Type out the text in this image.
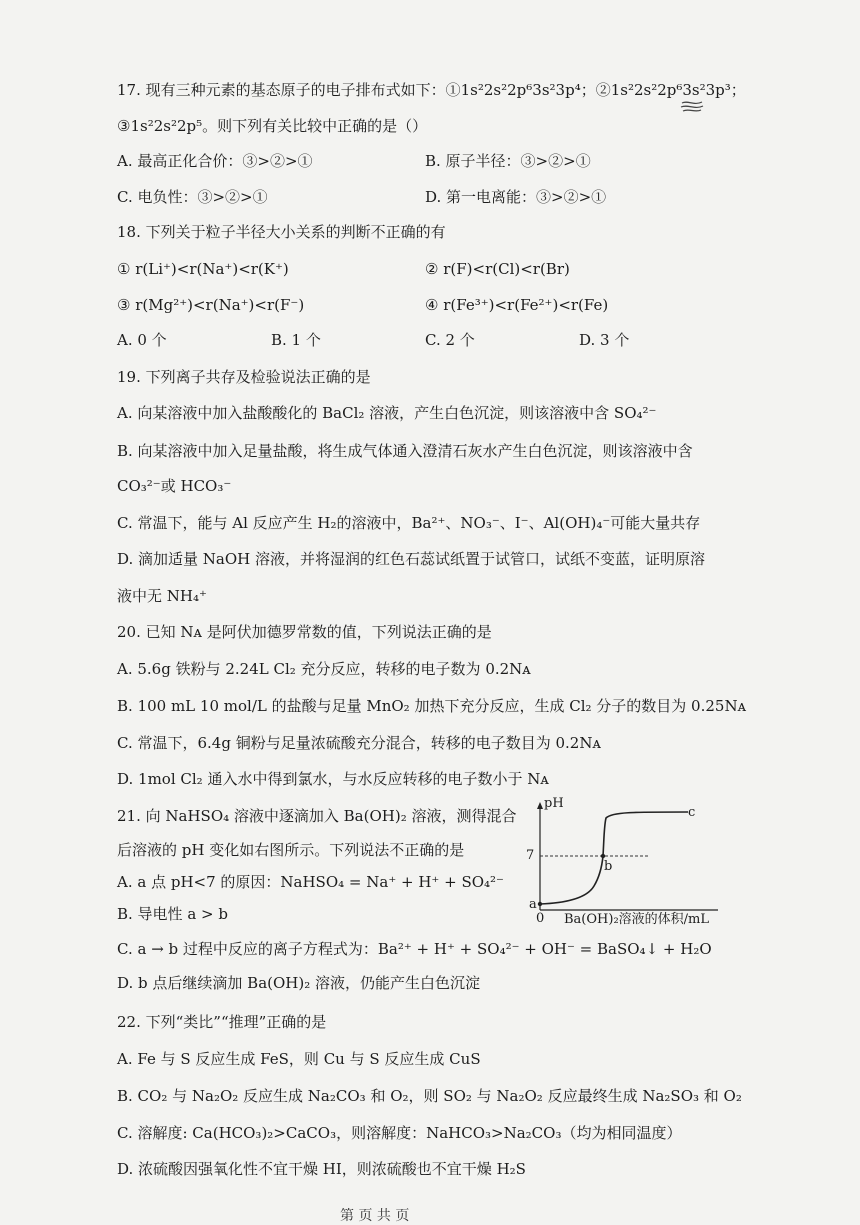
17. 现有三种元素的基态原子的电子排布式如下：①1s²2s²2p⁶3s²3p⁴；②1s²2s²2p⁶3s²3p³；
③1s²2s²2p⁵。则下列有关比较中正确的是（）
A. 最高正化合价：③>②>①	B. 原子半径：③>②>①
C. 电负性：③>②>①	D. 第一电离能：③>②>①
18. 下列关于粒子半径大小关系的判断不正确的有
① r(Li⁺)<r(Na⁺)<r(K⁺)	② r(F)<r(Cl)<r(Br)
③ r(Mg²⁺)<r(Na⁺)<r(F⁻)	④ r(Fe³⁺)<r(Fe²⁺)<r(Fe)
A. 0 个	B. 1 个	C. 2 个	D. 3 个
19. 下列离子共存及检验说法正确的是
A. 向某溶液中加入盐酸酸化的 BaCl₂ 溶液，产生白色沉淀，则该溶液中含 SO₄²⁻
B. 向某溶液中加入足量盐酸，将生成气体通入澄清石灰水产生白色沉淀，则该溶液中含
CO₃²⁻或 HCO₃⁻
C. 常温下，能与 Al 反应产生 H₂的溶液中，Ba²⁺、NO₃⁻、I⁻、Al(OH)₄⁻可能大量共存
D. 滴加适量 NaOH 溶液，并将湿润的红色石蕊试纸置于试管口，试纸不变蓝，证明原溶
液中无 NH₄⁺
20. 已知 Nᴀ 是阿伏加德罗常数的值，下列说法正确的是
A. 5.6g 铁粉与 2.24L Cl₂ 充分反应，转移的电子数为 0.2Nᴀ
B. 100 mL 10 mol/L 的盐酸与足量 MnO₂ 加热下充分反应，生成 Cl₂ 分子的数目为 0.25Nᴀ
C. 常温下，6.4g 铜粉与足量浓硫酸充分混合，转移的电子数目为 0.2Nᴀ
D. 1mol Cl₂ 通入水中得到氯水，与水反应转移的电子数小于 Nᴀ
21. 向 NaHSO₄ 溶液中逐滴加入 Ba(OH)₂ 溶液，测得混合
后溶液的 pH 变化如右图所示。下列说法不正确的是
A. a 点 pH<7 的原因：NaHSO₄ = Na⁺ + H⁺ + SO₄²⁻
B. 导电性 a > b
C. a → b 过程中反应的离子方程式为：Ba²⁺ + H⁺ + SO₄²⁻ + OH⁻ = BaSO₄↓ + H₂O
D. b 点后继续滴加 Ba(OH)₂ 溶液，仍能产生白色沉淀
pH
7
a
b
c
0 Ba(OH)₂溶液的体积/mL
22. 下列“类比”“推理”正确的是
A. Fe 与 S 反应生成 FeS，则 Cu 与 S 反应生成 CuS
B. CO₂ 与 Na₂O₂ 反应生成 Na₂CO₃ 和 O₂，则 SO₂ 与 Na₂O₂ 反应最终生成 Na₂SO₃ 和 O₂
C. 溶解度: Ca(HCO₃)₂>CaCO₃，则溶解度：NaHCO₃>Na₂CO₃（均为相同温度）
D. 浓硫酸因强氧化性不宜干燥 HI，则浓硫酸也不宜干燥 H₂S
第 页 共 页
